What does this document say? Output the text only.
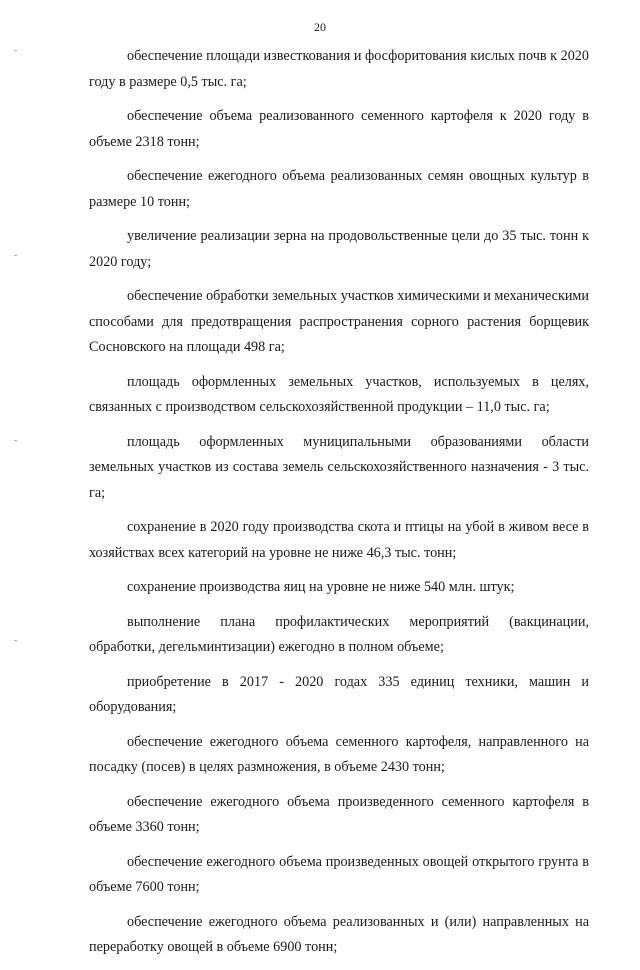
20

обеспечение площади известкования и фосфоритования кислых почв к 2020 году в размере 0,5 тыс. га;

обеспечение объема реализованного семенного картофеля к 2020 году в объеме 2318 тонн;

обеспечение ежегодного объема реализованных семян овощных культур в размере 10 тонн;

увеличение реализации зерна на продовольственные цели до 35 тыс. тонн к 2020 году;

обеспечение обработки земельных участков химическими и механическими способами для предотвращения распространения сорного растения борщевик Сосновского на площади 498 га;

площадь оформленных земельных участков, используемых в целях, связанных с производством сельскохозяйственной продукции – 11,0 тыс. га;

площадь оформленных муниципальными образованиями области земельных участков из состава земель сельскохозяйственного назначения - 3 тыс. га;

сохранение в 2020 году производства скота и птицы на убой в живом весе в хозяйствах всех категорий на уровне не ниже 46,3 тыс. тонн;

сохранение производства яиц на уровне не ниже 540 млн. штук;

выполнение плана профилактических мероприятий (вакцинации, обработки, дегельминтизации) ежегодно в полном объеме;

приобретение в 2017 - 2020 годах 335 единиц техники, машин и оборудования;

обеспечение ежегодного объема семенного картофеля, направленного на посадку (посев) в целях размножения, в объеме 2430 тонн;

обеспечение ежегодного объема произведенного семенного картофеля в объеме 3360 тонн;

обеспечение ежегодного объема произведенных овощей открытого грунта в объеме 7600 тонн;

обеспечение ежегодного объема реализованных и (или) направленных на переработку овощей в объеме 6900 тонн;
